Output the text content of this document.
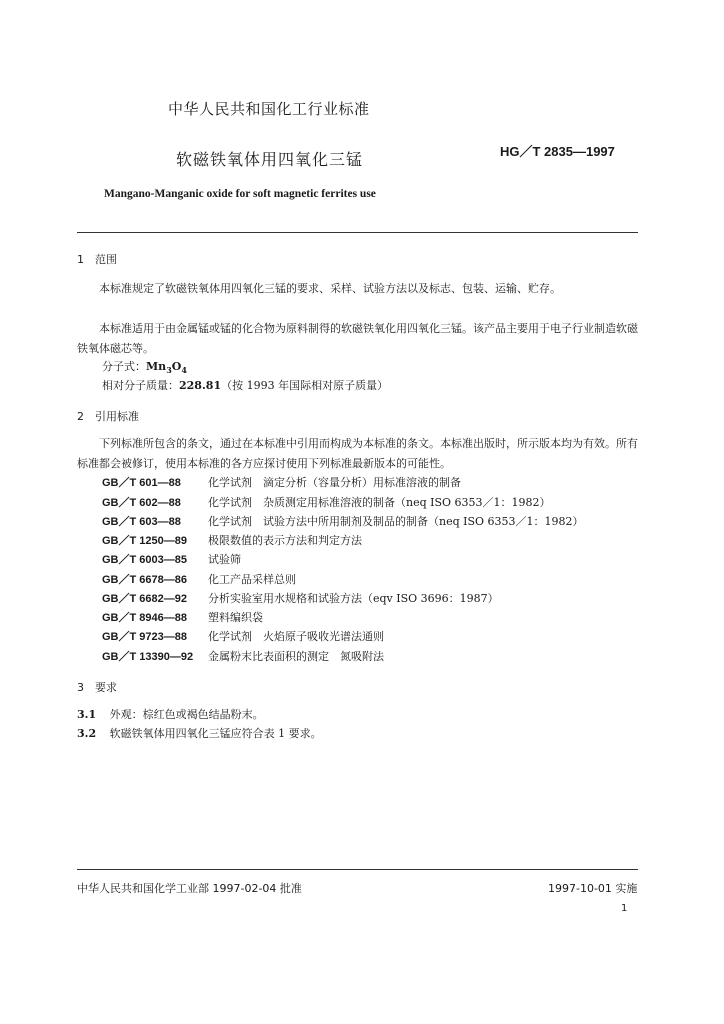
中华人民共和国化工行业标准
软磁铁氧体用四氧化三锰	HG／T 2835—1997
Mangano-Manganic oxide for soft magnetic ferrites use
1　范围
本标准规定了软磁铁氧体用四氧化三锰的要求、采样、试验方法以及标志、包装、运输、贮存。
本标准适用于由金属锰或锰的化合物为原料制得的软磁铁氧化用四氧化三锰。该产品主要用于电子行业制造软磁铁氧体磁芯等。
分子式：$Mn_3O_4$
相对分子质量：228.81（按 1993 年国际相对原子质量）
2　引用标准
下列标准所包含的条文，通过在本标准中引用而构成为本标准的条文。本标准出版时，所示版本均为有效。所有标准都会被修订，使用本标准的各方应探讨使用下列标准最新版本的可能性。
GB／T 601—88 化学试剂　滴定分析（容量分析）用标准溶液的制备
GB／T 602—88 化学试剂　杂质测定用标准溶液的制备（neq ISO 6353／1：1982）
GB／T 603—88 化学试剂　试验方法中所用制剂及制品的制备（neq ISO 6353／1：1982）
GB／T 1250—89 极限数值的表示方法和判定方法
GB／T 6003—85 试验筛
GB／T 6678—86 化工产品采样总则
GB／T 6682—92 分析实验室用水规格和试验方法（eqv ISO 3696：1987）
GB／T 8946—88 塑料编织袋
GB／T 9723—88 化学试剂　火焰原子吸收光谱法通则
GB／T 13390—92 金属粉末比表面积的测定　氮吸附法
3　要求
3.1 外观：棕红色或褐色结晶粉末。
3.2 软磁铁氧体用四氧化三锰应符合表 1 要求。
中华人民共和国化学工业部 1997-02-04 批准	1997-10-01 实施
1
